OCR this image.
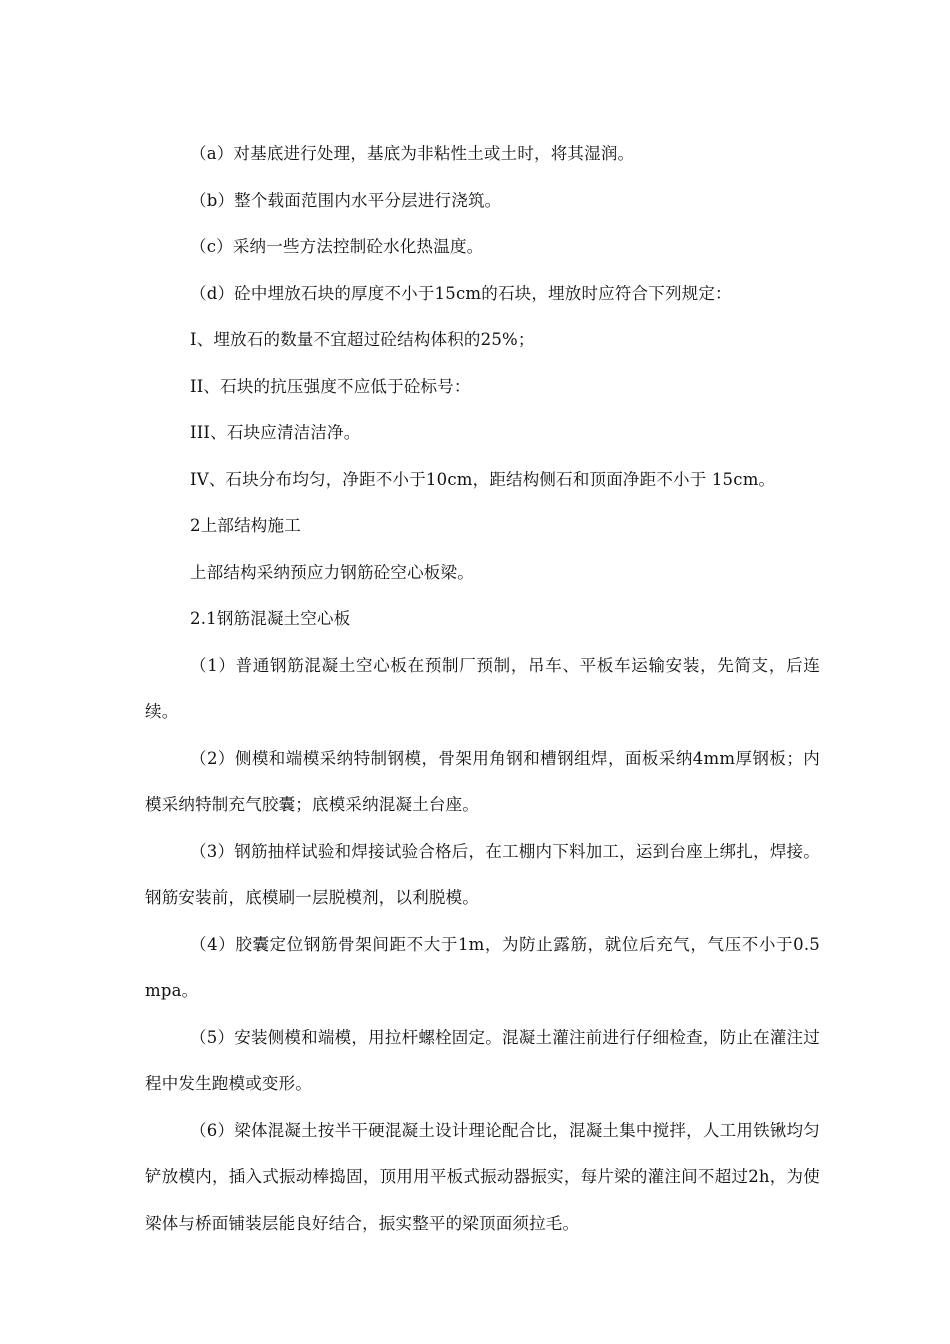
（a）对基底进行处理，基底为非粘性土或土时，将其湿润。

（b）整个载面范围内水平分层进行浇筑。

（c）采纳一些方法控制砼水化热温度。

（d）砼中埋放石块的厚度不小于15cm的石块，埋放时应符合下列规定：

I、埋放石的数量不宜超过砼结构体积的25%；

II、石块的抗压强度不应低于砼标号：

III、石块应清洁洁净。

IV、石块分布均匀，净距不小于10cm，距结构侧石和顶面净距不小于 15cm。

2上部结构施工

上部结构采纳预应力钢筋砼空心板梁。

2.1钢筋混凝土空心板

（1）普通钢筋混凝土空心板在预制厂预制，吊车、平板车运输安装，先简支，后连续。

（2）侧模和端模采纳特制钢模，骨架用角钢和槽钢组焊，面板采纳4mm厚钢板；内模采纳特制充气胶囊；底模采纳混凝土台座。

（3）钢筋抽样试验和焊接试验合格后，在工棚内下料加工，运到台座上绑扎，焊接。钢筋安装前，底模刷一层脱模剂，以利脱模。

（4）胶囊定位钢筋骨架间距不大于1m，为防止露筋，就位后充气，气压不小于0.5mpa。

（5）安装侧模和端模，用拉杆螺栓固定。混凝土灌注前进行仔细检查，防止在灌注过程中发生跑模或变形。

（6）梁体混凝土按半干硬混凝土设计理论配合比，混凝土集中搅拌，人工用铁锹均匀铲放模内，插入式振动棒捣固，顶用用平板式振动器振实，每片梁的灌注间不超过2h，为使梁体与桥面铺装层能良好结合，振实整平的梁顶面须拉毛。
